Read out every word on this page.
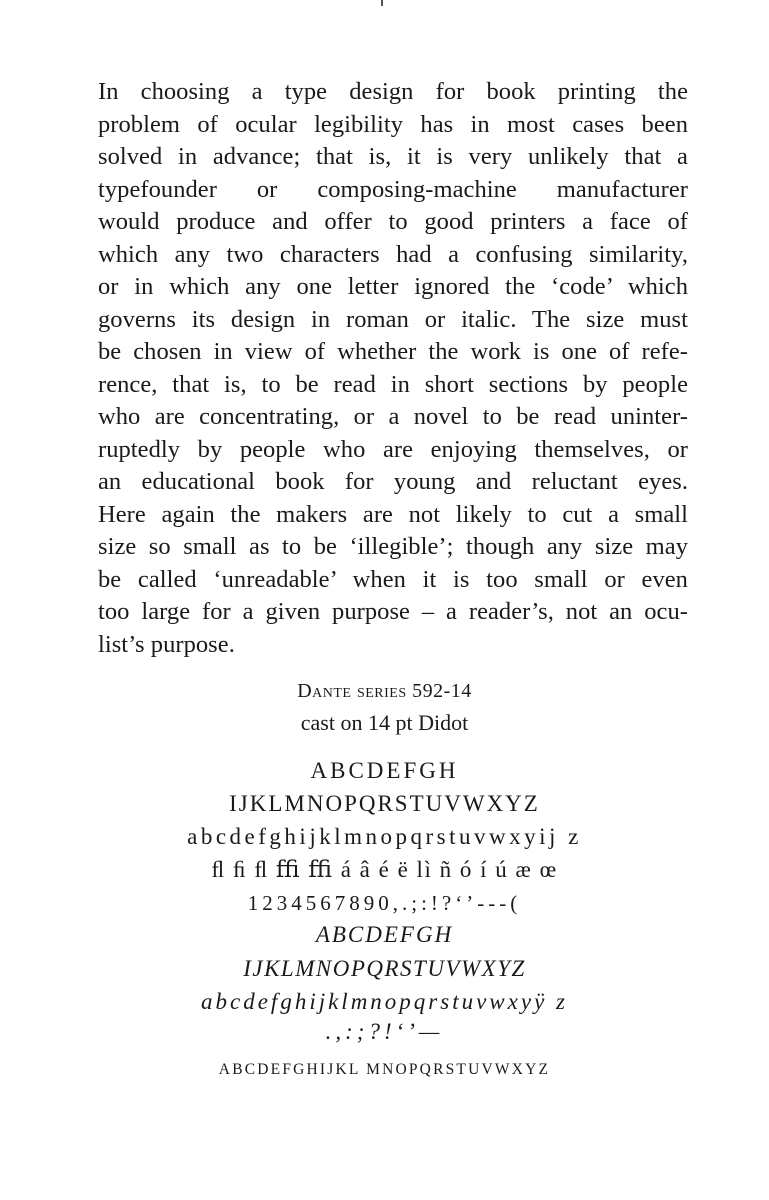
In choosing a type design for book printing the
problem of ocular legibility has in most cases been
solved in advance; that is, it is very unlikely that a
typefounder or composing-machine manufacturer
would produce and offer to good printers a face of
which any two characters had a confusing similarity,
or in which any one letter ignored the ‘code’ which
governs its design in roman or italic. The size must
be chosen in view of whether the work is one of refe-
rence, that is, to be read in short sections by people
who are concentrating, or a novel to be read uninter-
ruptedly by people who are enjoying themselves, or
an educational book for young and reluctant eyes.
Here again the makers are not likely to cut a small
size so small as to be ‘illegible’; though any size may
be called ‘unreadable’ when it is too small or even
too large for a given purpose – a reader’s, not an ocu-
list’s purpose.
Dante series 592-14
cast on 14 pt Didot
ABCDEFGH
IJKLMNOPQRSTUVWXYZ
abcdefghijklmnopqrstuvwxyij z
ﬂ ﬁ ﬂ ﬃ ﬃ á â é ë lì ñ ó í ú æ œ
1234567890,.;:!?‘’---(
ABCDEFGH
IJKLMNOPQRSTUVWXYZ
abcdefghijklmnopqrstuvwxyÿ z
.,:;?!‘’—
ABCDEFGHIJKL MNOPQRSTUVWXYZ
